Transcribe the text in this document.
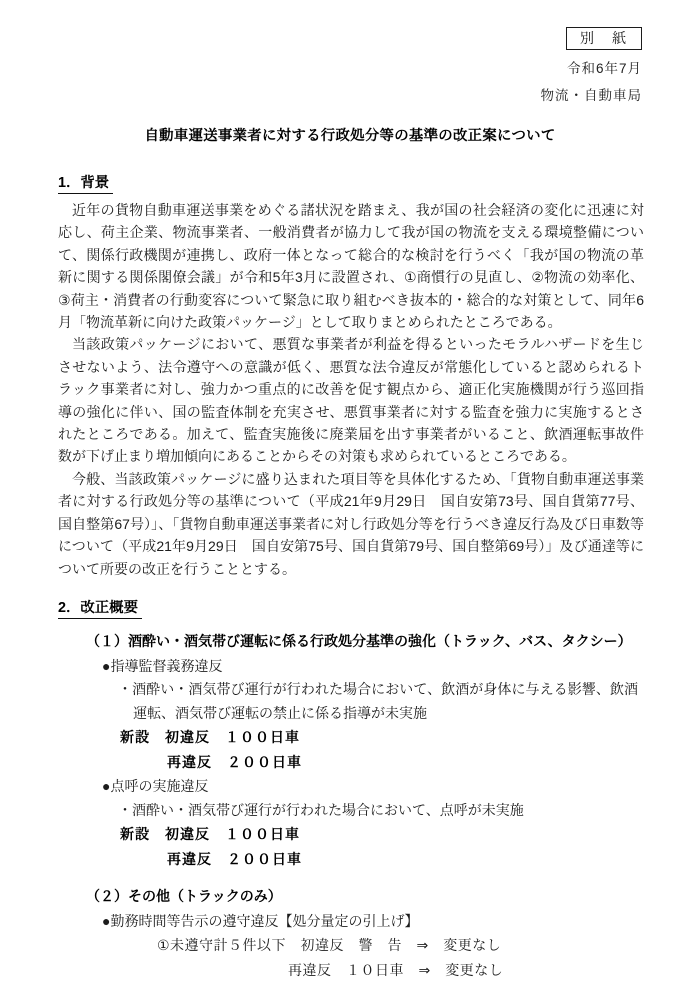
別　紙
令和6年7月
物流・自動車局
自動車運送事業者に対する行政処分等の基準の改正案について
1．背景
近年の貨物自動車運送事業をめぐる諸状況を踏まえ、我が国の社会経済の変化に迅速に対応し、荷主企業、物流事業者、一般消費者が協力して我が国の物流を支える環境整備について、関係行政機関が連携し、政府一体となって総合的な検討を行うべく「我が国の物流の革新に関する関係閣僚会議」が令和5年3月に設置され、①商慣行の見直し、②物流の効率化、③荷主・消費者の行動変容について緊急に取り組むべき抜本的・総合的な対策として、同年6月「物流革新に向けた政策パッケージ」として取りまとめられたところである。
当該政策パッケージにおいて、悪質な事業者が利益を得るといったモラルハザードを生じさせないよう、法令遵守への意識が低く、悪質な法令違反が常態化していると認められるトラック事業者に対し、強力かつ重点的に改善を促す観点から、適正化実施機関が行う巡回指導の強化に伴い、国の監査体制を充実させ、悪質事業者に対する監査を強力に実施するとされたところである。加えて、監査実施後に廃業届を出す事業者がいること、飲酒運転事故件数が下げ止まり増加傾向にあることからその対策も求められているところである。
今般、当該政策パッケージに盛り込まれた項目等を具体化するため、「貨物自動車運送事業者に対する行政処分等の基準について（平成21年9月29日　国自安第73号、国自貨第77号、国自整第67号）」、「貨物自動車運送事業者に対し行政処分等を行うべき違反行為及び日車数等について（平成21年9月29日　国自安第75号、国自貨第79号、国自整第69号）」及び通達等について所要の改正を行うこととする。
2．改正概要
（１）酒酔い・酒気帯び運転に係る行政処分基準の強化（トラック、バス、タクシー）
●指導監督義務違反
・酒酔い・酒気帯び運行が行われた場合において、飲酒が身体に与える影響、飲酒運転、酒気帯び運転の禁止に係る指導が未実施
新設　初違反　１００日車
再違反　２００日車
●点呼の実施違反
・酒酔い・酒気帯び運行が行われた場合において、点呼が未実施
新設　初違反　１００日車
再違反　２００日車
（２）その他（トラックのみ）
●勤務時間等告示の遵守違反【処分量定の引上げ】
①未遵守計５件以下　初違反　警　告　⇒　変更なし
再違反　１０日車　⇒　変更なし
